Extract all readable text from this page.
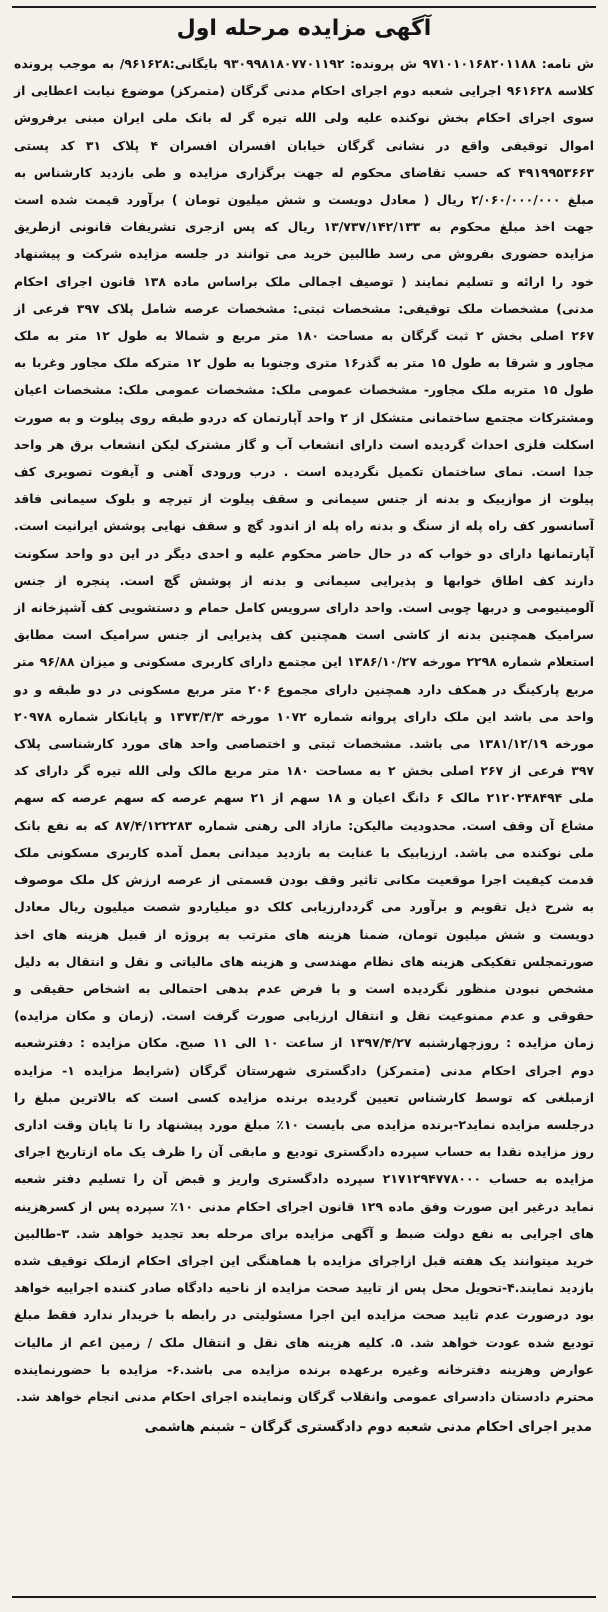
آگهی مزایده مرحله اول

ش نامه: ۹۷۱۰۱۰۱۶۸۲۰۱۱۸۸ ش پرونده: ۹۳۰۹۹۸۱۸۰۷۷۰۱۱۹۲ بایگانی:۹۶۱۶۲۸/ به موجب پرونده کلاسه ۹۶۱۶۲۸ اجرایی شعبه دوم اجرای احکام مدنی گرگان (متمرکز) موضوع نیابت اعطایی از سوی اجرای احکام بخش نوکنده علیه ولی الله تیره گر له بانک ملی ایران مبنی برفروش اموال توقیفی واقع در نشانی گرگان خیابان افسران افسران ۴ پلاک ۳۱ کد پستی ۴۹۱۹۹۵۳۶۶۳ که حسب تقاضای محکوم له جهت برگزاری مزایده و طی بازدید کارشناس به مبلغ ۲/۰۶۰/۰۰۰/۰۰۰ ریال ( معادل دویست و شش میلیون تومان ) برآورد قیمت شده است جهت اخذ مبلغ محکوم به ۱۳/۷۳۷/۱۴۲/۱۳۳ ریال که پس ازجری تشریفات قانونی ازطریق مزایده حضوری بفروش می رسد طالبین خرید می توانند در جلسه مزایده شرکت و پیشنهاد خود را ارائه و تسلیم نمایند ( توصیف اجمالی ملک براساس ماده ۱۳۸ قانون اجرای احکام مدنی) مشخصات ملک توقیفی: مشخصات ثبتی: مشخصات عرصه شامل پلاک ۳۹۷ فرعی از ۲۶۷ اصلی بخش ۲ ثبت گرگان به مساحت ۱۸۰ متر مربع و شمالا به طول ۱۲ متر به ملک مجاور و شرقا به طول ۱۵ متر به گذر۱۶ متری وجنوبا به طول ۱۲ مترکه ملک مجاور وغربا به طول ۱۵ متربه ملک مجاور- مشخصات عمومی ملک: مشخصات عمومی ملک: مشخصات اعیان ومشترکات مجتمع ساختمانی متشکل از ۲ واحد آپارتمان که دردو طبقه روی پیلوت و به صورت اسکلت فلزی احداث گردیده است دارای انشعاب آب و گاز مشترک لیکن انشعاب برق هر واحد جدا است. نمای ساختمان تکمیل نگردیده است . درب ورودی آهنی و آیفوت تصویری کف پیلوت از موازییک و بدنه از جنس سیمانی و سقف پیلوت از تیرچه و بلوک سیمانی فاقد آسانسور کف راه پله از سنگ و بدنه راه پله از اندود گچ و سقف نهایی پوشش ایرانیت است. آپارتمانها دارای دو خواب که در حال حاضر محکوم علیه و احدی دیگر در این دو واحد سکونت دارند کف اطاق خوابها و پذیرایی سیمانی و بدنه از پوشش گچ است. پنجره از جنس آلومینیومی و دربها چوبی است. واحد دارای سرویس کامل حمام و دستشویی کف آشپزخانه از سرامیک همچنین بدنه از کاشی است همچنین کف پذیرایی از جنس سرامیک است مطابق استعلام شماره ۲۲۹۸ مورخه ۱۳۸۶/۱۰/۲۷ این مجتمع دارای کاربری مسکونی و میزان ۹۶/۸۸ متر مربع پارکینگ در همکف دارد همچنین دارای مجموع ۲۰۶ متر مربع مسکونی در دو طبقه و دو واحد می باشد این ملک دارای پروانه شماره ۱۰۷۲ مورخه ۱۳۷۳/۳/۳ و پایانکار شماره ۲۰۹۷۸ مورخه ۱۳۸۱/۱۲/۱۹ می باشد. مشخصات ثبتی و اختصاصی واحد های مورد کارشناسی پلاک ۳۹۷ فرعی از ۲۶۷ اصلی بخش ۲ به مساحت ۱۸۰ متر مربع مالک ولی الله تیره گر دارای کد ملی ۲۱۲۰۲۴۸۴۹۴ مالک ۶ دانگ اعیان و ۱۸ سهم از ۲۱ سهم عرصه که سهم عرصه که سهم مشاع آن وقف است. محدودیت مالیکن: مازاد الی رهنی شماره ۸۷/۴/۱۲۲۲۸۳ که به نفع بانک ملی نوکنده می باشد. ارزیابیک با عنایت به بازدید میدانی بعمل آمده کاربری مسکونی ملک قدمت کیفیت اجرا موقعیت مکانی تاثیر وقف بودن قسمتی از عرصه ارزش کل ملک موصوف به شرح ذیل تقویم و برآورد می گرددارزیابی کلک دو میلیاردو شصت میلیون ریال معادل دویست و شش میلیون تومان، ضمنا هزینه های مترتب به پروژه از قبیل هزینه های اخذ صورتمجلس تفکیکی هزینه های نظام مهندسی و هزینه های مالیاتی و نقل و انتقال به دلیل مشخص نبودن منظور نگردیده است و با فرض عدم بدهی احتمالی به اشخاص حقیقی و حقوقی و عدم ممنوعیت نقل و انتقال ارزیابی صورت گرفت است. (زمان و مکان مزایده) زمان مزایده : روزچهارشنبه ۱۳۹۷/۴/۲۷ از ساعت ۱۰ الی ۱۱ صبح. مکان مزایده : دفترشعبه دوم اجرای احکام مدنی (متمرکز) دادگستری شهرستان گرگان (شرایط مزایده ۱- مزایده ازمبلغی که توسط کارشناس تعیین گردیده برنده مزایده کسی است که بالاترین مبلغ را درجلسه مزایده نماید۲-برنده مزایده می بایست ۱۰٪ مبلغ مورد پیشنهاد را تا پایان وقت اداری روز مزایده نقدا به حساب سپرده دادگستری تودیع و مابقی آن را ظرف یک ماه ازتاریخ اجرای مزایده به حساب ۲۱۷۱۲۹۴۷۷۸۰۰۰ سپرده دادگستری واریز و قبض آن را تسلیم دفتر شعبه نماید درغیر این صورت وفق ماده ۱۲۹ قانون اجرای احکام مدنی ۱۰٪ سپرده پس از کسرهزینه های اجرایی به نفع دولت ضبط و آگهی مزایده برای مرحله بعد تجدید خواهد شد. ۳-طالبین خرید میتوانند یک هفته قبل ازاجرای مزایده با هماهنگی این اجرای احکام ازملک توقیف شده بازدید نمایند.۴-تحویل محل پس از تایید صحت مزایده از ناحیه دادگاه صادر کننده اجراییه خواهد بود درصورت عدم تایید صحت مزایده این اجرا مسئولیتی در رابطه با خریدار ندارد فقط مبلغ تودیع شده عودت خواهد شد. ۵. کلیه هزینه های نقل و انتقال ملک / زمین اعم از مالیات عوارض وهزینه دفترخانه وغیره برعهده برنده مزایده می باشد.۶- مزایده با حضورنماینده محترم دادستان دادسرای عمومی وانقلاب گرگان ونماینده اجرای احکام مدنی انجام خواهد شد.

مدیر اجرای احکام مدنی شعبه دوم دادگستری گرگان – شبنم هاشمی
